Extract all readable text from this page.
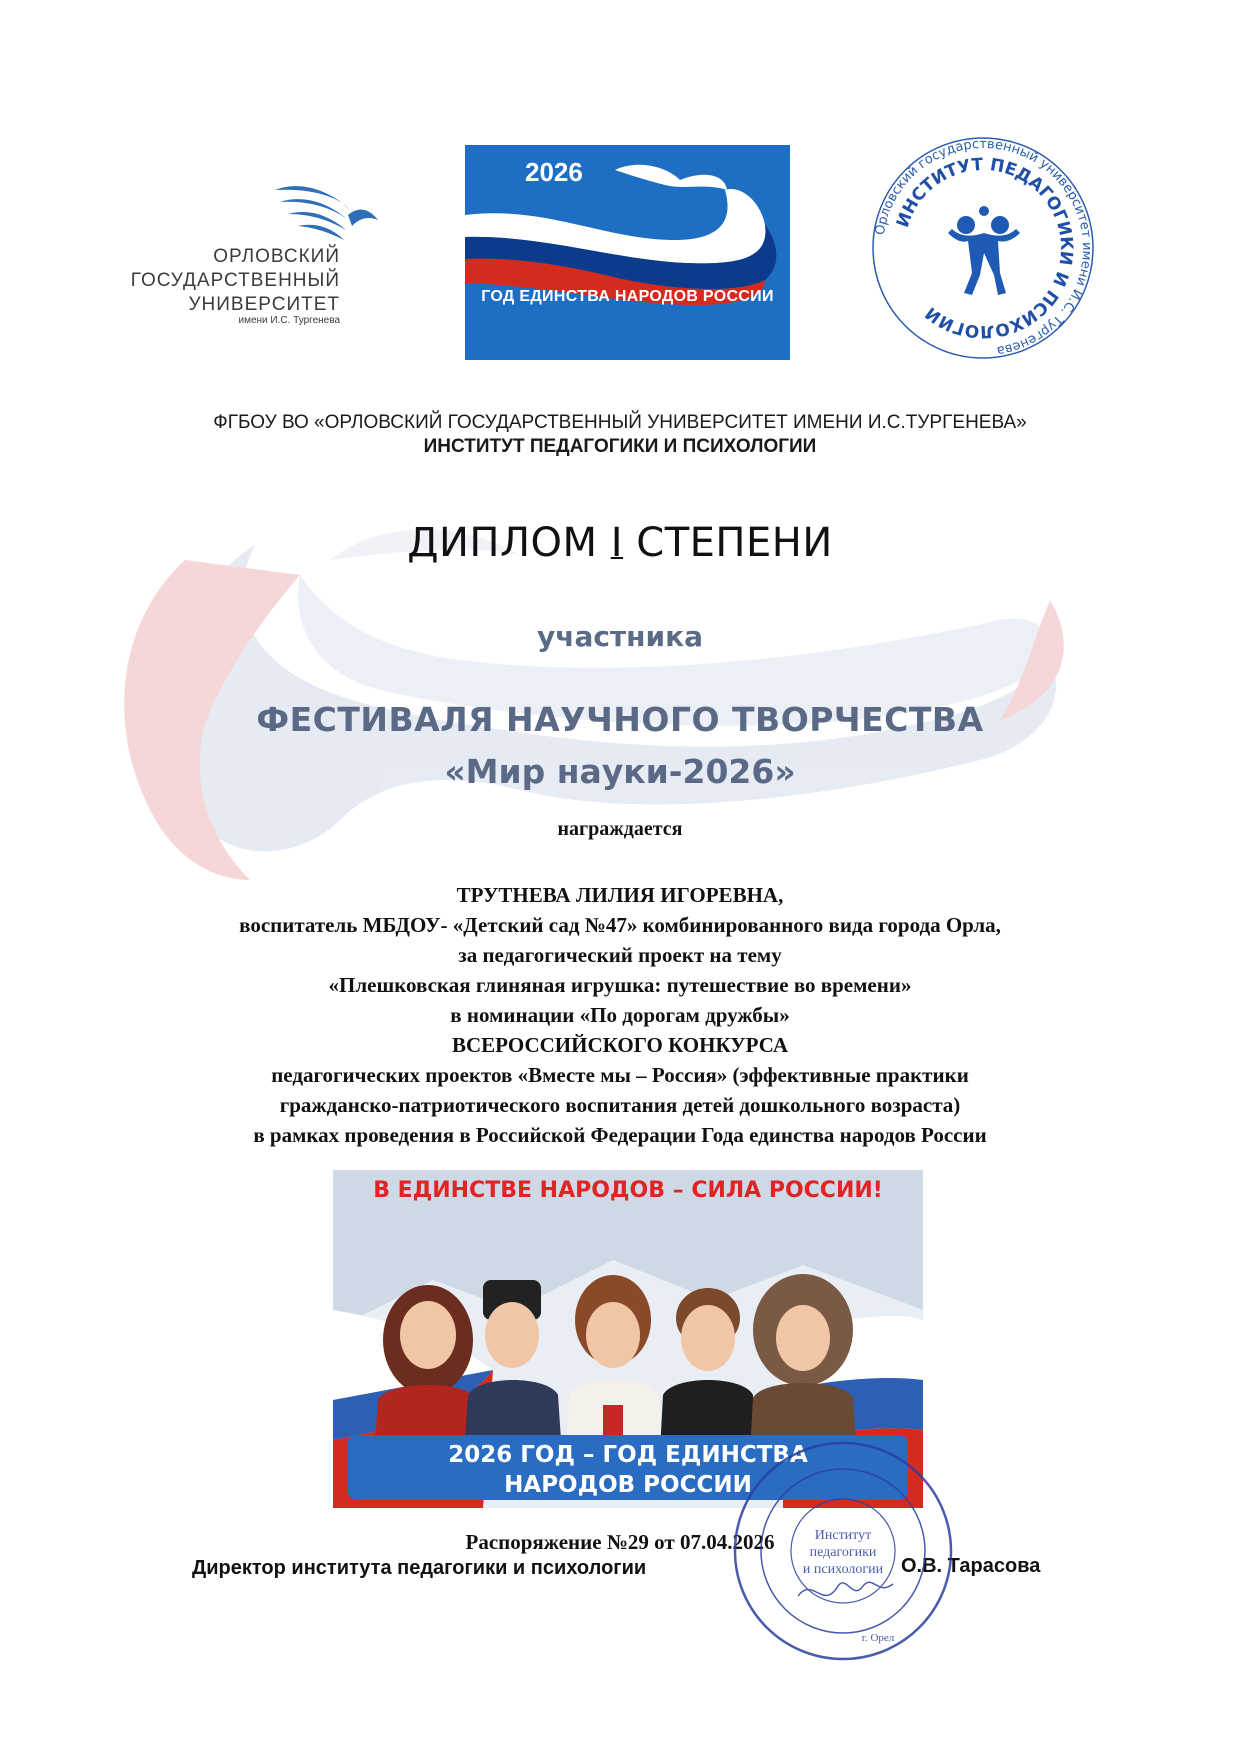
ОРЛОВСКИЙ
ГОСУДАРСТВЕННЫЙ
УНИВЕРСИТЕТ
имени И.С. Тургенева
2026
ГОД ЕДИНСТВА НАРОДОВ РОССИИ
Орловский государственный университет имени И.С. Тургенева
ИНСТИТУТ ПЕДАГОГИКИ И ПСИХОЛОГИИ
ФГБОУ ВО «ОРЛОВСКИЙ ГОСУДАРСТВЕННЫЙ УНИВЕРСИТЕТ ИМЕНИ И.С.ТУРГЕНЕВА»
ИНСТИТУТ ПЕДАГОГИКИ И ПСИХОЛОГИИ
ДИПЛОМ I СТЕПЕНИ
участника
ФЕСТИВАЛЯ НАУЧНОГО ТВОРЧЕСТВА
«Мир науки-2026»
награждается
ТРУТНЕВА ЛИЛИЯ ИГОРЕВНА,
воспитатель МБДОУ- «Детский сад №47» комбинированного вида города Орла,
за педагогический проект на тему
«Плешковская глиняная игрушка: путешествие во времени»
в номинации «По дорогам дружбы»
ВСЕРОССИЙСКОГО КОНКУРСА
педагогических проектов «Вместе мы – Россия» (эффективные практики
гражданско-патриотического воспитания детей дошкольного возраста)
в рамках проведения в Российской Федерации Года единства народов России
В ЕДИНСТВЕ НАРОДОВ – СИЛА РОССИИ!
2026 ГОД – ГОД ЕДИНСТВА
НАРОДОВ РОССИИ
Институт
педагогики
и психологии
г. Орел
Распоряжение №29 от 07.04.2026
Директор института педагогики и психологии	О.В. Тарасова
